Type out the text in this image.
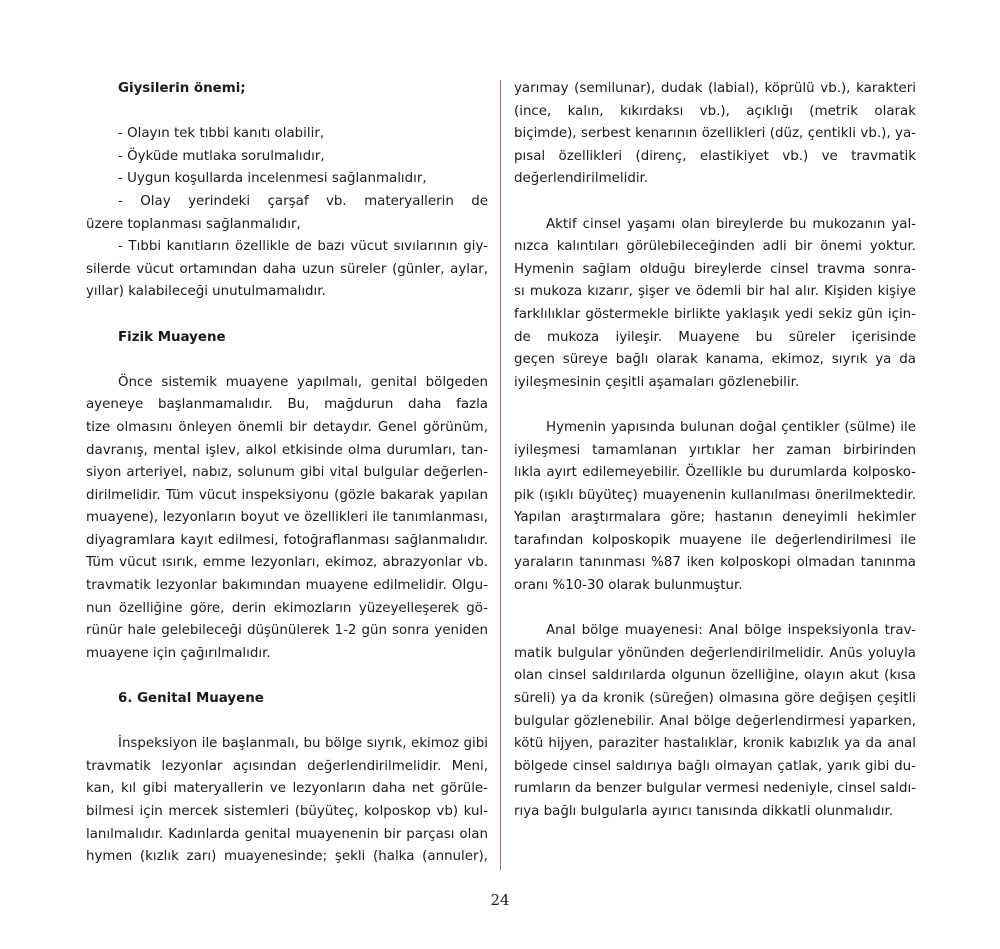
Giysilerin önemi;
- Olayın tek tıbbi kanıtı olabilir,
- Öyküde mutlaka sorulmalıdır,
- Uygun koşullarda incelenmesi sağlanmalıdır,
- Olay yerindeki çarşaf vb. materyallerin de
üzere toplanması sağlanmalıdır,
- Tıbbi kanıtların özellikle de bazı vücut sıvılarının giy-
silerde vücut ortamından daha uzun süreler (günler, aylar,
yıllar) kalabileceği unutulmamalıdır.
Fizik Muayene
Önce sistemik muayene yapılmalı, genital bölgeden
ayeneye başlanmamalıdır. Bu, mağdurun daha fazla
tize olmasını önleyen önemli bir detaydır. Genel görünüm,
davranış, mental işlev, alkol etkisinde olma durumları, tan-
siyon arteriyel, nabız, solunum gibi vital bulgular değerlen-
dirilmelidir. Tüm vücut inspeksiyonu (gözle bakarak yapılan
muayene), lezyonların boyut ve özellikleri ile tanımlanması,
diyagramlara kayıt edilmesi, fotoğraflanması sağlanmalıdır.
Tüm vücut ısırık, emme lezyonları, ekimoz, abrazyonlar vb.
travmatik lezyonlar bakımından muayene edilmelidir. Olgu-
nun özelliğine göre, derin ekimozların yüzeyelleşerek gö-
rünür hale gelebileceği düşünülerek 1-2 gün sonra yeniden
muayene için çağırılmalıdır.
6. Genital Muayene
İnspeksiyon ile başlanmalı, bu bölge sıyrık, ekimoz gibi
travmatik lezyonlar açısından değerlendirilmelidir. Meni,
kan, kıl gibi materyallerin ve lezyonların daha net görüle-
bilmesi için mercek sistemleri (büyüteç, kolposkop vb) kul-
lanılmalıdır. Kadınlarda genital muayenenin bir parçası olan
hymen (kızlık zarı) muayenesinde; şekli (halka (annuler),
yarımay (semilunar), dudak (labial), köprülü vb.), karakteri
(ince, kalın, kıkırdaksı vb.), açıklığı (metrik olarak
biçimde), serbest kenarının özellikleri (düz, çentikli vb.), ya-
pısal özellikleri (direnç, elastikiyet vb.) ve travmatik
değerlendirilmelidir.
Aktif cinsel yaşamı olan bireylerde bu mukozanın yal-
nızca kalıntıları görülebileceğinden adli bir önemi yoktur.
Hymenin sağlam olduğu bireylerde cinsel travma sonra-
sı mukoza kızarır, şişer ve ödemli bir hal alır. Kişiden kişiye
farklılıklar göstermekle birlikte yaklaşık yedi sekiz gün için-
de mukoza iyileşir. Muayene bu süreler içerisinde
geçen süreye bağlı olarak kanama, ekimoz, sıyrık ya da
iyileşmesinin çeşitli aşamaları gözlenebilir.
Hymenin yapısında bulunan doğal çentikler (sülme) ile
iyileşmesi tamamlanan yırtıklar her zaman birbirinden
lıkla ayırt edilemeyebilir. Özellikle bu durumlarda kolposko-
pik (ışıklı büyüteç) muayenenin kullanılması önerilmektedir.
Yapılan araştırmalara göre; hastanın deneyimli hekimler
tarafından kolposkopik muayene ile değerlendirilmesi ile
yaraların tanınması %87 iken kolposkopi olmadan tanınma
oranı %10-30 olarak bulunmuştur.
Anal bölge muayenesi: Anal bölge inspeksiyonla trav-
matik bulgular yönünden değerlendirilmelidir. Anüs yoluyla
olan cinsel saldırılarda olgunun özelliğine, olayın akut (kısa
süreli) ya da kronik (süreğen) olmasına göre değişen çeşitli
bulgular gözlenebilir. Anal bölge değerlendirmesi yaparken,
kötü hijyen, paraziter hastalıklar, kronik kabızlık ya da anal
bölgede cinsel saldırıya bağlı olmayan çatlak, yarık gibi du-
rumların da benzer bulgular vermesi nedeniyle, cinsel saldı-
rıya bağlı bulgularla ayırıcı tanısında dikkatli olunmalıdır.
24
